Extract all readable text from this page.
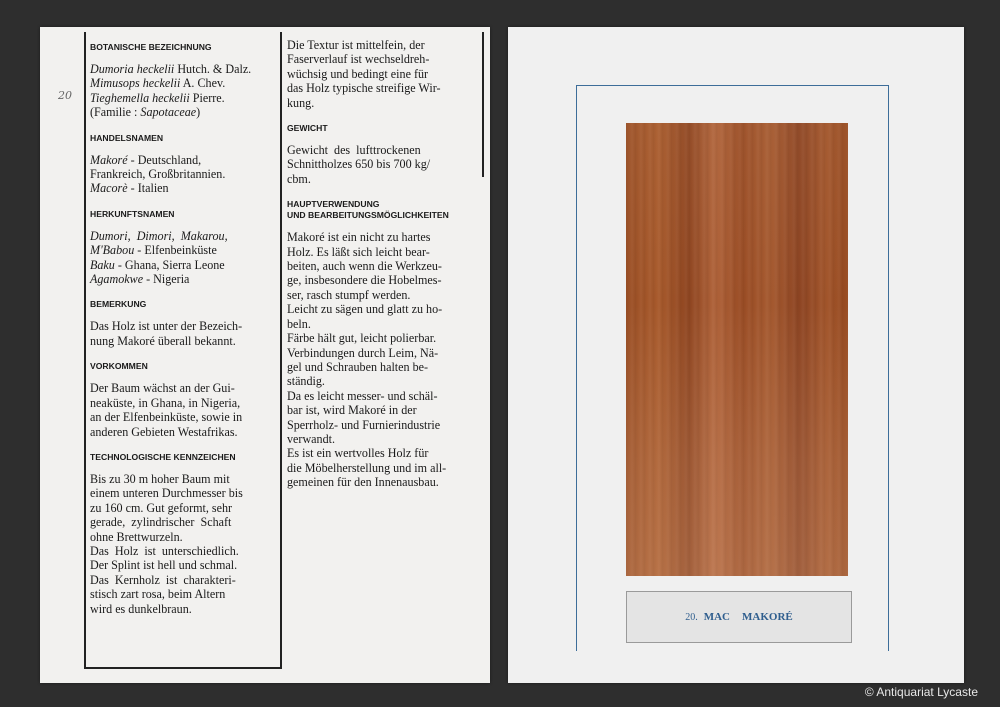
20
BOTANISCHE BEZEICHNUNG
Dumoria heckelii Hutch. & Dalz.
Mimusops heckelii A. Chev.
Tieghemella heckelii Pierre.
(Familie : Sapotaceae)
HANDELSNAMEN
Makoré - Deutschland,
Frankreich, Großbritannien.
Macorè - Italien
HERKUNFTSNAMEN
Dumori,  Dimori,  Makarou,
M'Babou - Elfenbeinküste
Baku - Ghana, Sierra Leone
Agamokwe - Nigeria
BEMERKUNG
Das Holz ist unter der Bezeich-
nung Makoré überall bekannt.
VORKOMMEN
Der Baum wächst an der Gui-
neaküste, in Ghana, in Nigeria,
an der Elfenbeinküste, sowie in
anderen Gebieten Westafrikas.
TECHNOLOGISCHE KENNZEICHEN
Bis zu 30 m hoher Baum mit
einem unteren Durchmesser bis
zu 160 cm. Gut geformt, sehr
gerade,  zylindrischer  Schaft
ohne Brettwurzeln.
Das  Holz  ist  unterschiedlich.
Der Splint ist hell und schmal.
Das  Kernholz  ist  charakteri-
stisch zart rosa, beim Altern
wird es dunkelbraun.
Die Textur ist mittelfein, der
Faserverlauf ist wechseldreh-
wüchsig und bedingt eine für
das Holz typische streifige Wir-
kung.
GEWICHT
Gewicht  des  lufttrockenen
Schnittholzes 650 bis 700 kg/
cbm.
HAUPTVERWENDUNG
UND BEARBEITUNGSMÖGLICHKEITEN
Makoré ist ein nicht zu hartes
Holz. Es läßt sich leicht bear-
beiten, auch wenn die Werkzeu-
ge, insbesondere die Hobelmes-
ser, rasch stumpf werden.
Leicht zu sägen und glatt zu ho-
beln.
Färbe hält gut, leicht polierbar.
Verbindungen durch Leim, Nä-
gel und Schrauben halten be-
ständig.
Da es leicht messer- und schäl-
bar ist, wird Makoré in der
Sperrholz- und Furnierindustrie
verwandt.
Es ist ein wertvolles Holz für
die Möbelherstellung und im all-
gemeinen für den Innenausbau.
20. MAC MAKORÉ
© Antiquariat Lycaste
